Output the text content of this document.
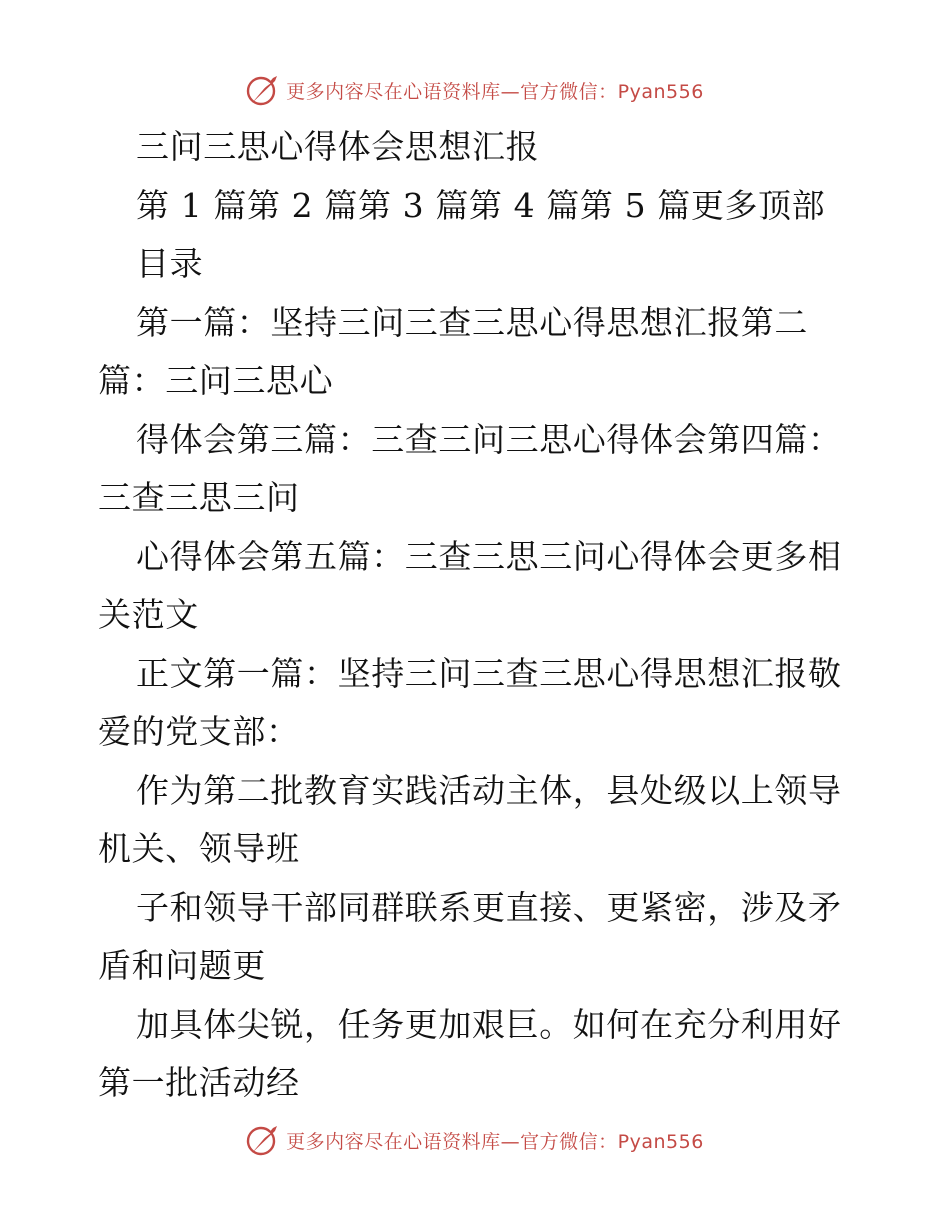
更多内容尽在心语资料库—官方微信：Pyan556
三问三思心得体会思想汇报
第 1 篇第 2 篇第 3 篇第 4 篇第 5 篇更多顶部
目录
第一篇：坚持三问三查三思心得思想汇报第二
篇：三问三思心
得体会第三篇：三查三问三思心得体会第四篇：
三查三思三问
心得体会第五篇：三查三思三问心得体会更多相
关范文
正文第一篇：坚持三问三查三思心得思想汇报敬
爱的党支部：
作为第二批教育实践活动主体，县处级以上领导
机关、领导班
子和领导干部同群联系更直接、更紧密，涉及矛
盾和问题更
加具体尖锐，任务更加艰巨。如何在充分利用好
第一批活动经
更多内容尽在心语资料库—官方微信：Pyan556
